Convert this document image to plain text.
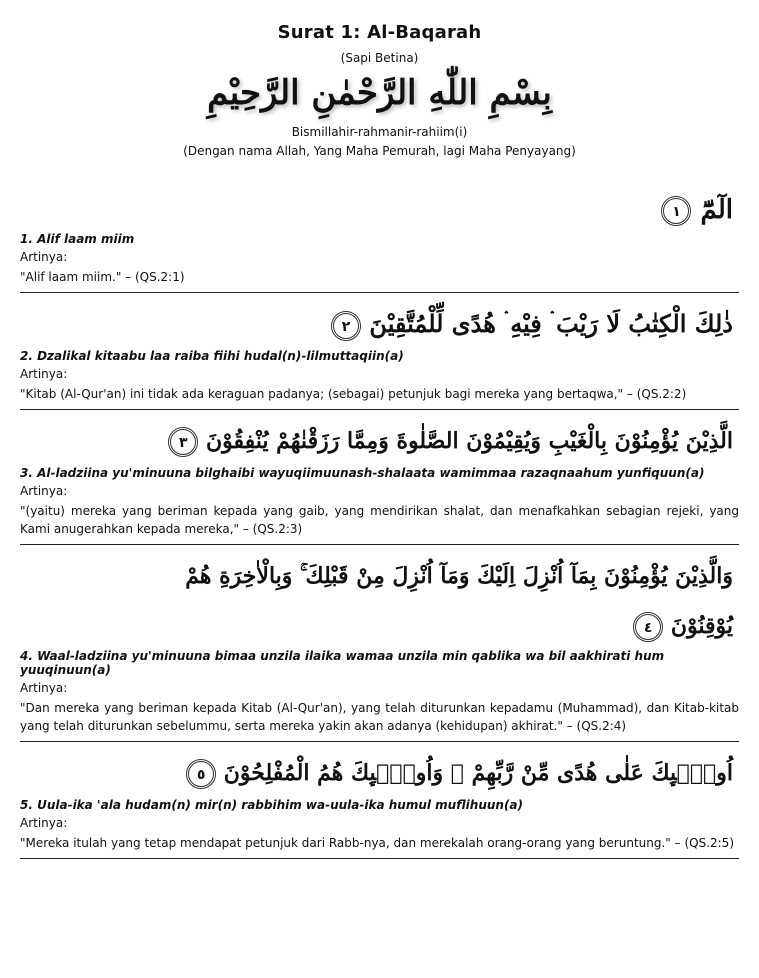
Surat 1: Al-Baqarah
(Sapi Betina)
بِسْمِ اللّٰهِ الرَّحْمٰنِ الرَّحِيْمِ
Bismillahir-rahmanir-rahiim(i)
(Dengan nama Allah, Yang Maha Pemurah, lagi Maha Penyayang)
الٓمّٓ ١
1. Alif laam miim
Artinya:
"Alif laam miim." – (QS.2:1)
ذٰلِكَ الْكِتٰبُ لَا رَيْبَ ۛ فِيْهِ ۛ هُدًى لِّلْمُتَّقِيْنَ ٢
2. Dzalikal kitaabu laa raiba fiihi hudal(n)-lilmuttaqiin(a)
Artinya:
"Kitab (Al-Qur'an) ini tidak ada keraguan padanya; (sebagai) petunjuk bagi mereka yang bertaqwa," – (QS.2:2)
الَّذِيْنَ يُؤْمِنُوْنَ بِالْغَيْبِ وَيُقِيْمُوْنَ الصَّلٰوةَ وَمِمَّا رَزَقْنٰهُمْ يُنْفِقُوْنَ ٣
3. Al-ladziina yu'minuuna bilghaibi wayuqiimuunash-shalaata wamimmaa razaqnaahum yunfiquun(a)
Artinya:
"(yaitu) mereka yang beriman kepada yang gaib, yang mendirikan shalat, dan menafkahkan sebagian rejeki, yang Kami anugerahkan kepada mereka," – (QS.2:3)
وَالَّذِيْنَ يُؤْمِنُوْنَ بِمَآ اُنْزِلَ اِلَيْكَ وَمَآ اُنْزِلَ مِنْ قَبْلِكَ ۚ وَبِالْاٰخِرَةِ هُمْ
يُوْقِنُوْنَ ٤
4. Waal-ladziina yu'minuuna bimaa unzila ilaika wamaa unzila min qablika wa bil aakhirati hum yuuqinuun(a)
Artinya:
"Dan mereka yang beriman kepada Kitab (Al-Qur'an), yang telah diturunkan kepadamu (Muhammad), dan Kitab-kitab yang telah diturunkan sebelummu, serta mereka yakin akan adanya (kehidupan) akhirat." – (QS.2:4)
اُولٰۤىِٕكَ عَلٰى هُدًى مِّنْ رَّبِّهِمْ ۙ وَاُولٰۤىِٕكَ هُمُ الْمُفْلِحُوْنَ ٥
5. Uula-ika 'ala hudam(n) mir(n) rabbihim wa-uula-ika humul muflihuun(a)
Artinya:
"Mereka itulah yang tetap mendapat petunjuk dari Rabb-nya, dan merekalah orang-orang yang beruntung." – (QS.2:5)
